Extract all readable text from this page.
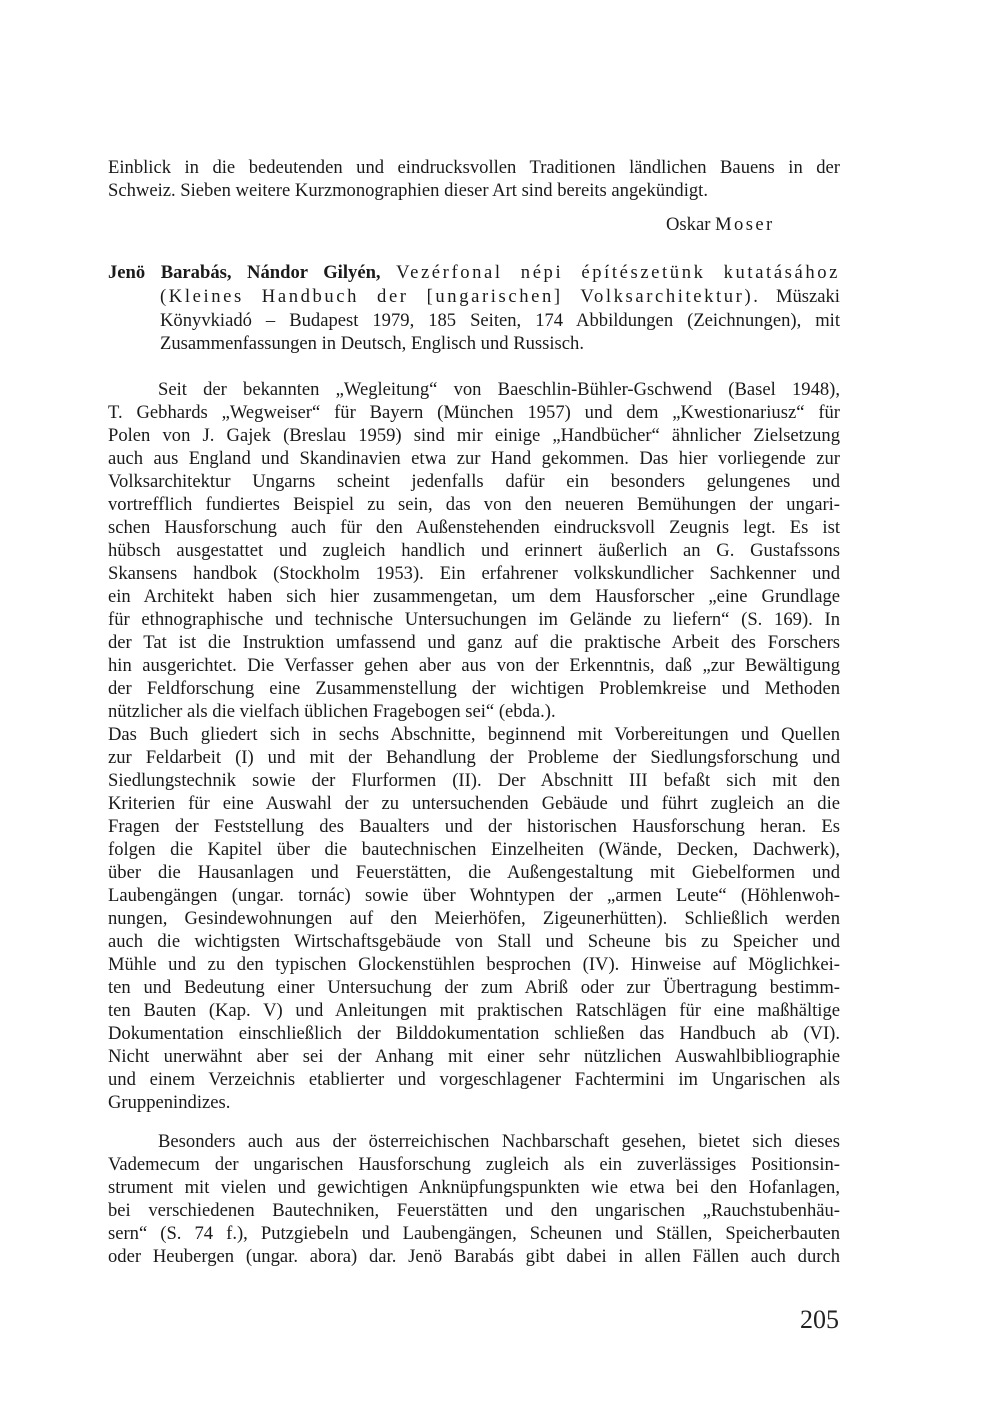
Einblick in die bedeutenden und eindrucksvollen Traditionen ländlichen Bauens in der
Schweiz. Sieben weitere Kurzmonographien dieser Art sind bereits angekündigt.
Oskar Moser
Jenö Barabás, Nándor Gilyén, Vezérfonal népi építészetünk kutatásához
(Kleines Handbuch der [ungarischen] Volksarchitektur). Müszaki
Könyvkiadó – Budapest 1979, 185 Seiten, 174 Abbildungen (Zeichnungen), mit
Zusammenfassungen in Deutsch, Englisch und Russisch.
Seit der bekannten „Wegleitung“ von Baeschlin-Bühler-Gschwend (Basel 1948),
T. Gebhards „Wegweiser“ für Bayern (München 1957) und dem „Kwestionariusz“ für
Polen von J. Gajek (Breslau 1959) sind mir einige „Handbücher“ ähnlicher Zielsetzung
auch aus England und Skandinavien etwa zur Hand gekommen. Das hier vorliegende zur
Volksarchitektur Ungarns scheint jedenfalls dafür ein besonders gelungenes und
vortrefflich fundiertes Beispiel zu sein, das von den neueren Bemühungen der ungari-
schen Hausforschung auch für den Außenstehenden eindrucksvoll Zeugnis legt. Es ist
hübsch ausgestattet und zugleich handlich und erinnert äußerlich an G. Gustafssons
Skansens handbok (Stockholm 1953). Ein erfahrener volkskundlicher Sachkenner und
ein Architekt haben sich hier zusammengetan, um dem Hausforscher „eine Grundlage
für ethnographische und technische Untersuchungen im Gelände zu liefern“ (S. 169). In
der Tat ist die Instruktion umfassend und ganz auf die praktische Arbeit des Forschers
hin ausgerichtet. Die Verfasser gehen aber aus von der Erkenntnis, daß „zur Bewältigung
der Feldforschung eine Zusammenstellung der wichtigen Problemkreise und Methoden
nützlicher als die vielfach üblichen Fragebogen sei“ (ebda.).
Das Buch gliedert sich in sechs Abschnitte, beginnend mit Vorbereitungen und Quellen
zur Feldarbeit (I) und mit der Behandlung der Probleme der Siedlungsforschung und
Siedlungstechnik sowie der Flurformen (II). Der Abschnitt III befaßt sich mit den
Kriterien für eine Auswahl der zu untersuchenden Gebäude und führt zugleich an die
Fragen der Feststellung des Baualters und der historischen Hausforschung heran. Es
folgen die Kapitel über die bautechnischen Einzelheiten (Wände, Decken, Dachwerk),
über die Hausanlagen und Feuerstätten, die Außengestaltung mit Giebelformen und
Laubengängen (ungar. tornác) sowie über Wohntypen der „armen Leute“ (Höhlenwoh-
nungen, Gesindewohnungen auf den Meierhöfen, Zigeunerhütten). Schließlich werden
auch die wichtigsten Wirtschaftsgebäude von Stall und Scheune bis zu Speicher und
Mühle und zu den typischen Glockenstühlen besprochen (IV). Hinweise auf Möglichkei-
ten und Bedeutung einer Untersuchung der zum Abriß oder zur Übertragung bestimm-
ten Bauten (Kap. V) und Anleitungen mit praktischen Ratschlägen für eine maßhältige
Dokumentation einschließlich der Bilddokumentation schließen das Handbuch ab (VI).
Nicht unerwähnt aber sei der Anhang mit einer sehr nützlichen Auswahlbibliographie
und einem Verzeichnis etablierter und vorgeschlagener Fachtermini im Ungarischen als
Gruppenindizes.
Besonders auch aus der österreichischen Nachbarschaft gesehen, bietet sich dieses
Vademecum der ungarischen Hausforschung zugleich als ein zuverlässiges Positionsin-
strument mit vielen und gewichtigen Anknüpfungspunkten wie etwa bei den Hofanlagen,
bei verschiedenen Bautechniken, Feuerstätten und den ungarischen „Rauchstubenhäu-
sern“ (S. 74 f.), Putzgiebeln und Laubengängen, Scheunen und Ställen, Speicherbauten
oder Heubergen (ungar. abora) dar. Jenö Barabás gibt dabei in allen Fällen auch durch
205
